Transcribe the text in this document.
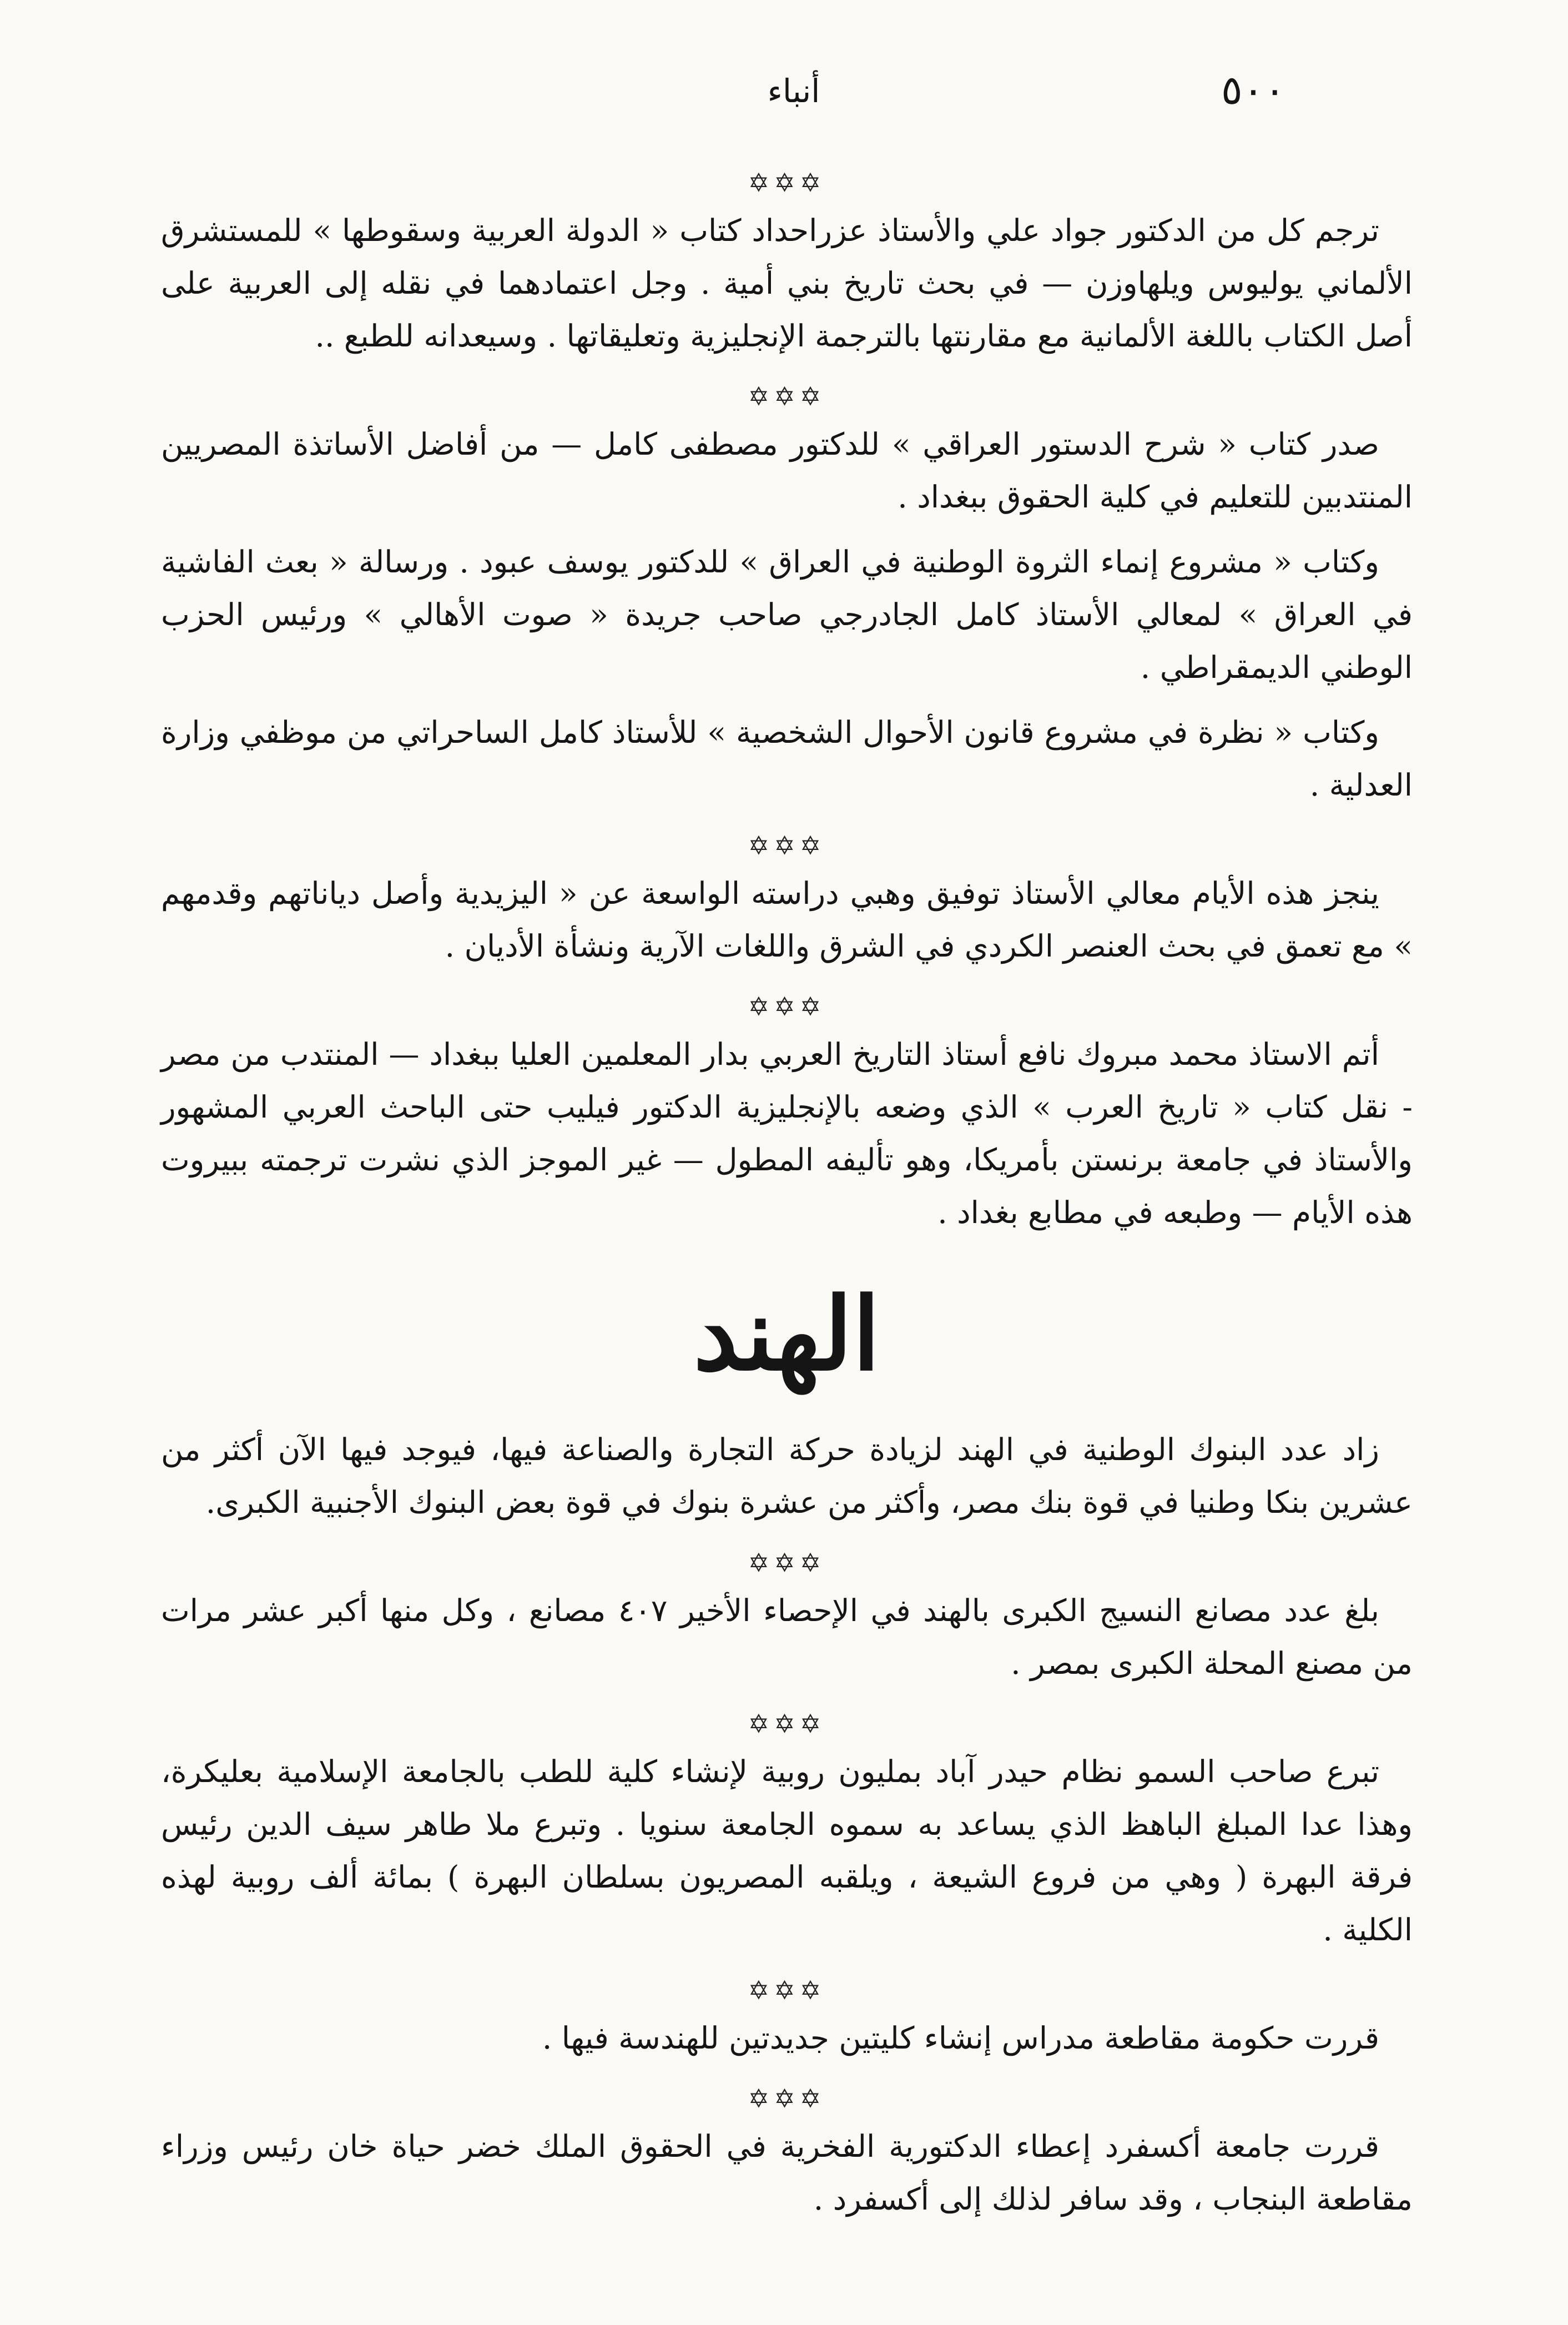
٥٠٠
أنباء
✡✡✡

ترجم كل من الدكتور جواد علي والأستاذ عزراحداد كتاب « الدولة العربية وسقوطها » للمستشرق الألماني يوليوس ويلهاوزن — في بحث تاريخ بني أمية . وجل اعتمادهما في نقله إلى العربية على أصل الكتاب باللغة الألمانية مع مقارنتها بالترجمة الإنجليزية وتعليقاتها . وسيعدانه للطبع ..

✡✡✡

صدر كتاب « شرح الدستور العراقي » للدكتور مصطفى كامل — من أفاضل الأساتذة المصريين المنتدبين للتعليم في كلية الحقوق ببغداد .

وكتاب « مشروع إنماء الثروة الوطنية في العراق » للدكتور يوسف عبود . ورسالة « بعث الفاشية في العراق » لمعالي الأستاذ كامل الجادرجي صاحب جريدة « صوت الأهالي » ورئيس الحزب الوطني الديمقراطي .

وكتاب « نظرة في مشروع قانون الأحوال الشخصية » للأستاذ كامل الساحراتي من موظفي وزارة العدلية .

✡✡✡

ينجز هذه الأيام معالي الأستاذ توفيق وهبي دراسته الواسعة عن « اليزيدية وأصل دياناتهم وقدمهم » مع تعمق في بحث العنصر الكردي في الشرق واللغات الآرية ونشأة الأديان .

✡✡✡

أتم الاستاذ محمد مبروك نافع أستاذ التاريخ العربي بدار المعلمين العليا ببغداد — المنتدب من مصر - نقل كتاب « تاريخ العرب » الذي وضعه بالإنجليزية الدكتور فيليب حتى الباحث العربي المشهور والأستاذ في جامعة برنستن بأمريكا، وهو تأليفه المطول — غير الموجز الذي نشرت ترجمته ببيروت هذه الأيام — وطبعه في مطابع بغداد .

الهند

زاد عدد البنوك الوطنية في الهند لزيادة حركة التجارة والصناعة فيها، فيوجد فيها الآن أكثر من عشرين بنكا وطنيا في قوة بنك مصر، وأكثر من عشرة بنوك في قوة بعض البنوك الأجنبية الكبرى.

✡✡✡

بلغ عدد مصانع النسيج الكبرى بالهند في الإحصاء الأخير ٤٠٧ مصانع ، وكل منها أكبر عشر مرات من مصنع المحلة الكبرى بمصر .

✡✡✡

تبرع صاحب السمو نظام حيدر آباد بمليون روبية لإنشاء كلية للطب بالجامعة الإسلامية بعليكرة، وهذا عدا المبلغ الباهظ الذي يساعد به سموه الجامعة سنويا . وتبرع ملا طاهر سيف الدين رئيس فرقة البهرة ( وهي من فروع الشيعة ، ويلقبه المصريون بسلطان البهرة ) بمائة ألف روبية لهذه الكلية .

✡✡✡

قررت حكومة مقاطعة مدراس إنشاء كليتين جديدتين للهندسة فيها .

✡✡✡

قررت جامعة أكسفرد إعطاء الدكتورية الفخرية في الحقوق الملك خضر حياة خان رئيس وزراء مقاطعة البنجاب ، وقد سافر لذلك إلى أكسفرد .
